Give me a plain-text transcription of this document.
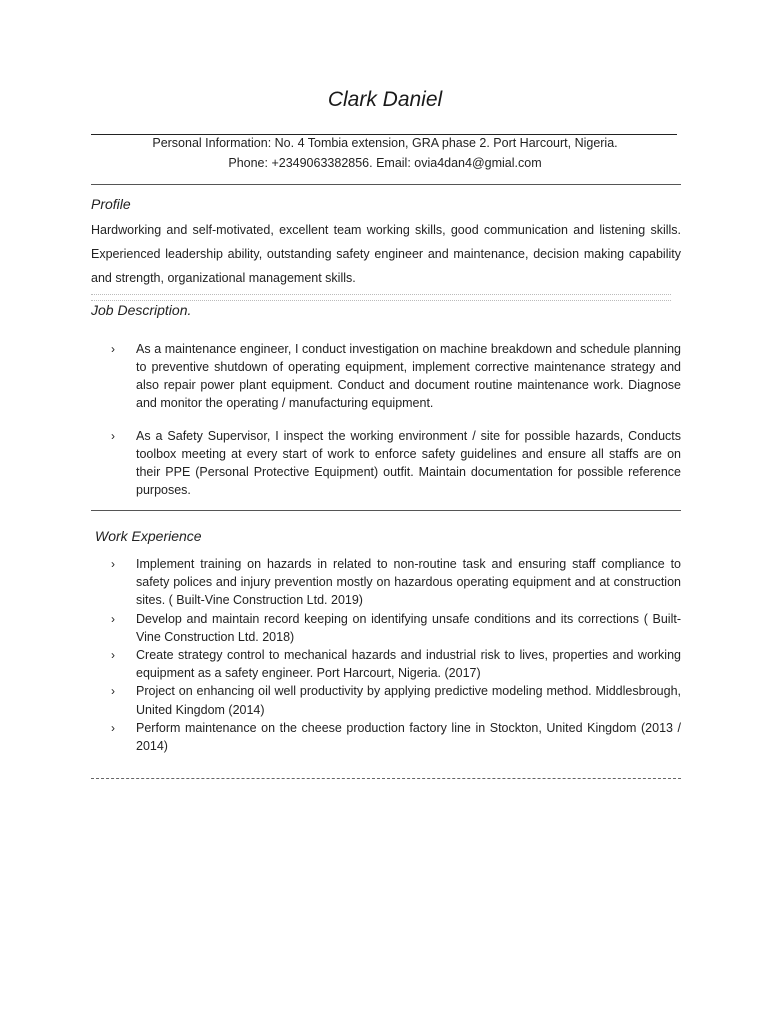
Clark Daniel
Personal Information: No. 4 Tombia extension, GRA phase 2. Port Harcourt, Nigeria.
Phone: +2349063382856. Email: ovia4dan4@gmial.com
Profile
Hardworking and self-motivated, excellent team working skills, good communication and listening skills. Experienced leadership ability, outstanding safety engineer and maintenance, decision making capability and strength, organizational management skills.
Job Description.
› As a maintenance engineer, I conduct investigation on machine breakdown and schedule planning to preventive shutdown of operating equipment, implement corrective maintenance strategy and also repair power plant equipment. Conduct and document routine maintenance work. Diagnose and monitor the operating / manufacturing equipment.
› As a Safety Supervisor, I inspect the working environment / site for possible hazards, Conducts toolbox meeting at every start of work to enforce safety guidelines and ensure all staffs are on their PPE (Personal Protective Equipment) outfit. Maintain documentation for possible reference purposes.
Work Experience
› Implement training on hazards in related to non-routine task and ensuring staff compliance to safety polices and injury prevention mostly on hazardous operating equipment and at construction sites. ( Built-Vine Construction Ltd. 2019)
› Develop and maintain record keeping on identifying unsafe conditions and its corrections ( Built-Vine Construction Ltd. 2018)
› Create strategy control to mechanical hazards and industrial risk to lives, properties and working equipment as a safety engineer. Port Harcourt, Nigeria. (2017)
› Project on enhancing oil well productivity by applying predictive modeling method. Middlesbrough, United Kingdom (2014)
› Perform maintenance on the cheese production factory line in Stockton, United Kingdom (2013 / 2014)
